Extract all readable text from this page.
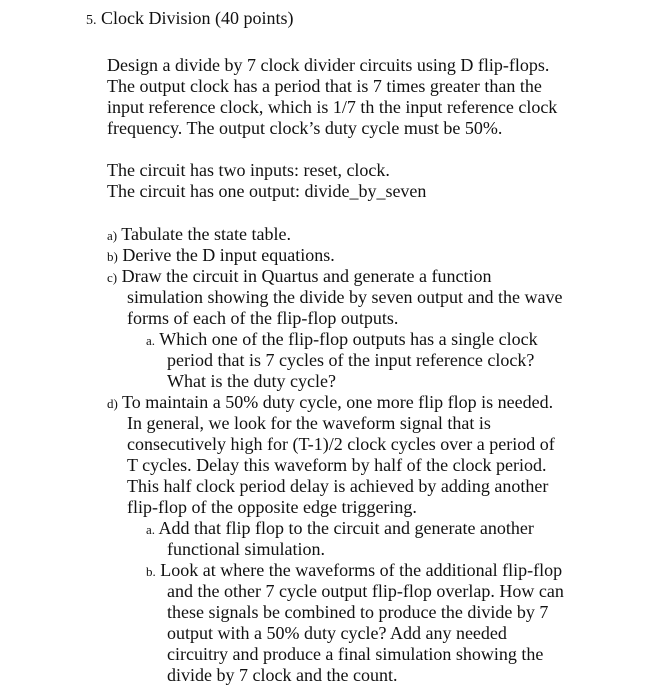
5. Clock Division (40 points)
Design a divide by 7 clock divider circuits using D flip-flops.
The output clock has a period that is 7 times greater than the
input reference clock, which is 1/7 th the input reference clock
frequency. The output clock’s duty cycle must be 50%.
The circuit has two inputs: reset, clock.
The circuit has one output: divide_by_seven
a) Tabulate the state table.
b) Derive the D input equations.
c) Draw the circuit in Quartus and generate a function
simulation showing the divide by seven output and the wave
forms of each of the flip-flop outputs.
a. Which one of the flip-flop outputs has a single clock
period that is 7 cycles of the input reference clock?
What is the duty cycle?
d) To maintain a 50% duty cycle, one more flip flop is needed.
In general, we look for the waveform signal that is
consecutively high for (T-1)/2 clock cycles over a period of
T cycles. Delay this waveform by half of the clock period.
This half clock period delay is achieved by adding another
flip-flop of the opposite edge triggering.
a. Add that flip flop to the circuit and generate another
functional simulation.
b. Look at where the waveforms of the additional flip-flop
and the other 7 cycle output flip-flop overlap. How can
these signals be combined to produce the divide by 7
output with a 50% duty cycle? Add any needed
circuitry and produce a final simulation showing the
divide by 7 clock and the count.
